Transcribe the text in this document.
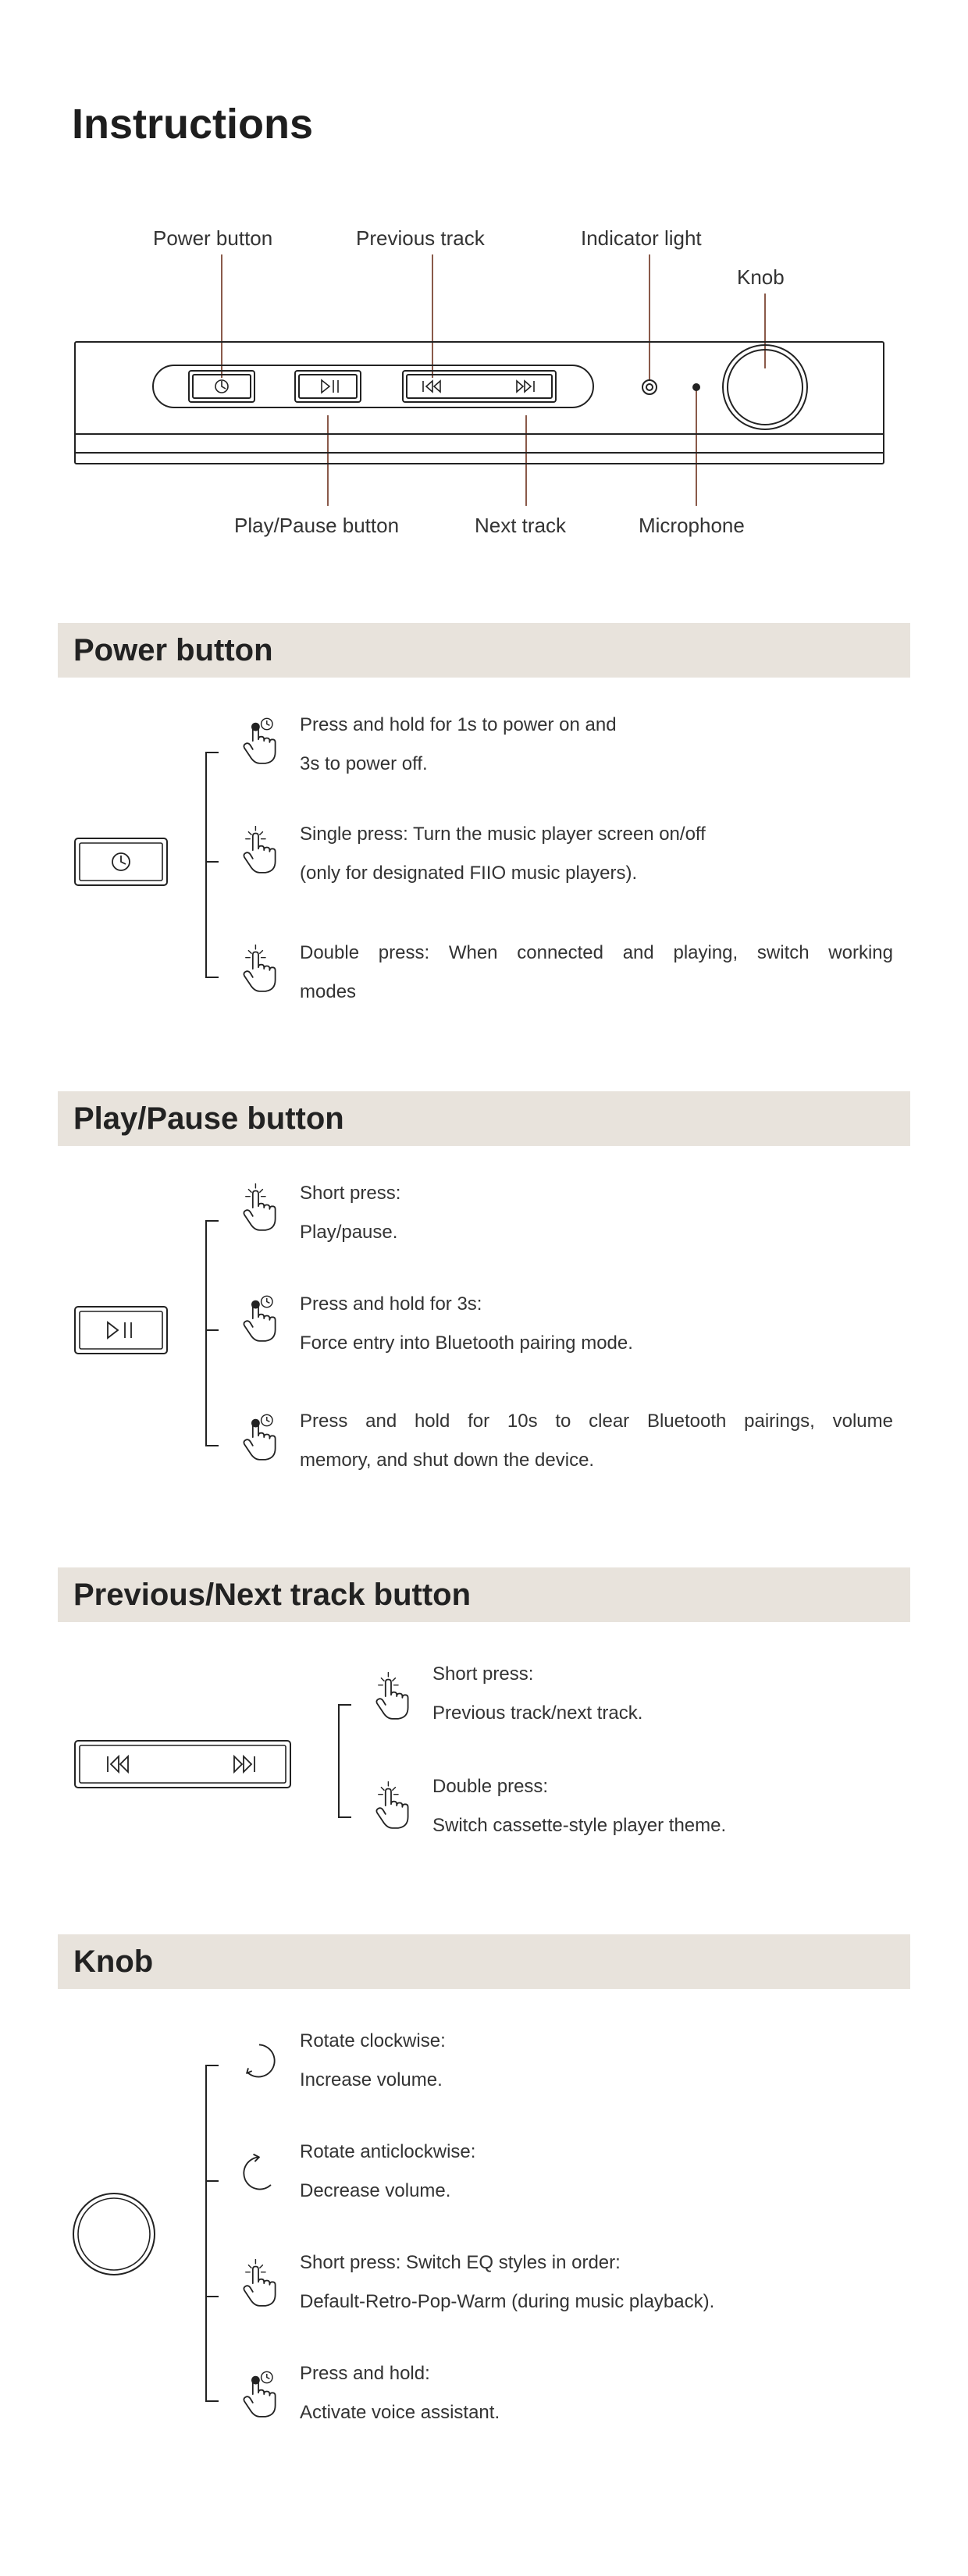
Instructions
Power button	Previous track	Indicator light
Knob
Play/Pause button	Next track	Microphone
Power button

Press and hold for 1s to power on and

3s to power off.

Single press: Turn the music player screen on/off

(only for designated FIIO music players).

Double press: When connected and playing, switch working

modes

Play/Pause button

Short press:

Play/pause.

Press and hold for 3s:

Force entry into Bluetooth pairing mode.

Press and hold for 10s to clear Bluetooth pairings, volume

memory, and shut down the device.

Previous/Next track button

Short press:

Previous track/next track.

Double press:

Switch cassette-style player theme.

Knob

Rotate clockwise:

Increase volume.

Rotate anticlockwise:

Decrease volume.

Short press: Switch EQ styles in order:

Default-Retro-Pop-Warm (during music playback).

Press and hold:

Activate voice assistant.
